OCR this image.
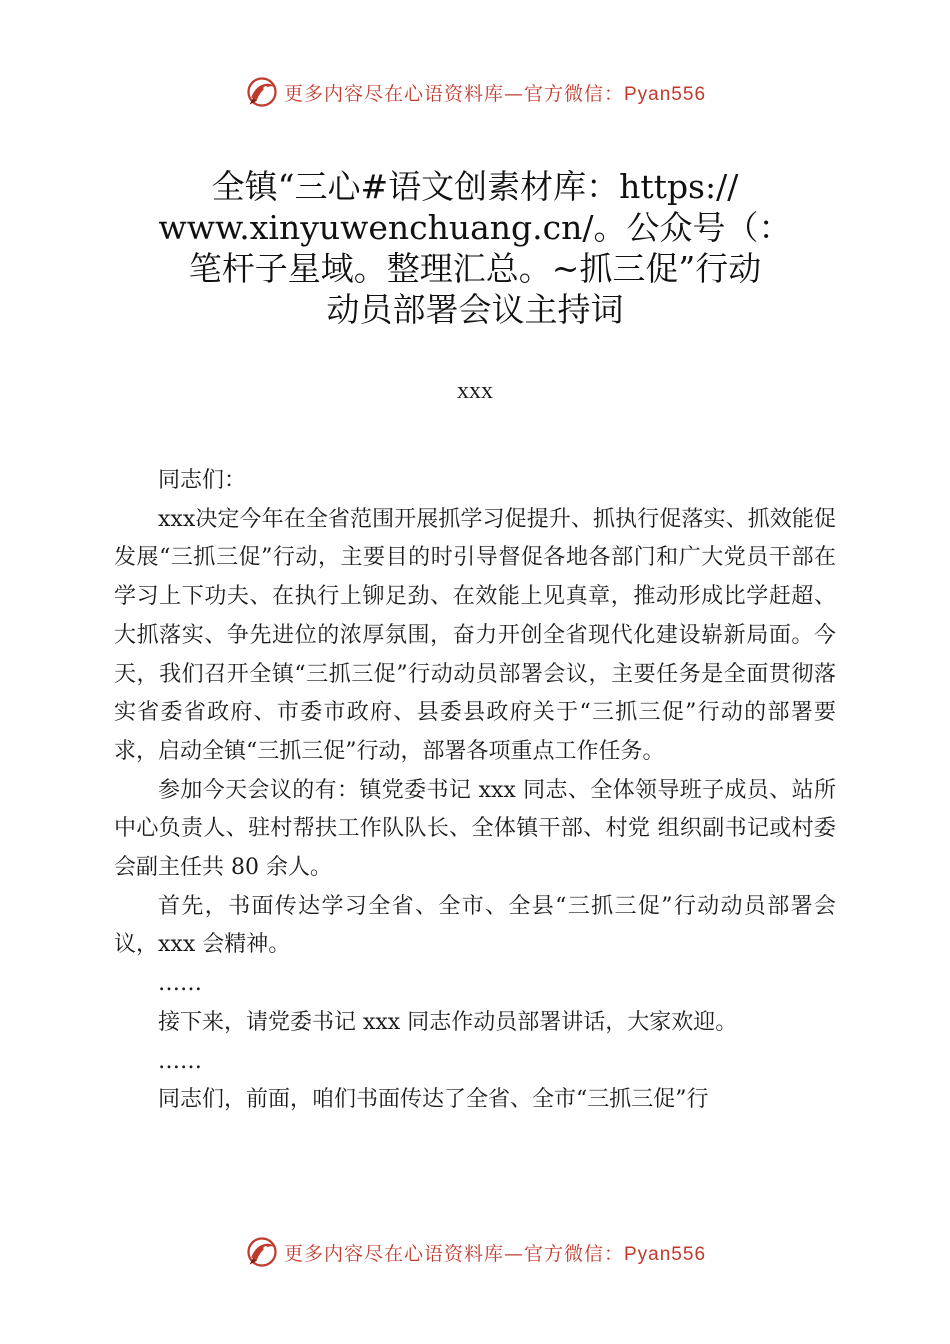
更多内容尽在心语资料库—官方微信：Pyan556
全镇“三心#语文创素材库：https://
www.xinyuwenchuang.cn/。公众号（：
笔杆子星域。整理汇总。~抓三促”行动
动员部署会议主持词
xxx

同志们：

xxx决定今年在全省范围开展抓学习促提升、抓执行促落实、抓效能促发展“三抓三促”行动，主要目的时引导督促各地各部门和广大党员干部在学习上下功夫、在执行上铆足劲、在效能上见真章，推动形成比学赶超、大抓落实、争先进位的浓厚氛围，奋力开创全省现代化建设崭新局面。今天，我们召开全镇“三抓三促”行动动员部署会议，主要任务是全面贯彻落实省委省政府、市委市政府、县委县政府关于“三抓三促”行动的部署要求，启动全镇“三抓三促”行动，部署各项重点工作任务。

参加今天会议的有：镇党委书记 xxx 同志、全体领导班子成员、站所中心负责人、驻村帮扶工作队队长、全体镇干部、村党 组织副书记或村委会副主任共 80 余人。

首先，书面传达学习全省、全市、全县“三抓三促”行动动员部署会议，xxx 会精神。

……

接下来，请党委书记 xxx 同志作动员部署讲话，大家欢迎。

……

同志们，前面，咱们书面传达了全省、全市“三抓三促”行

更多内容尽在心语资料库—官方微信：Pyan556
